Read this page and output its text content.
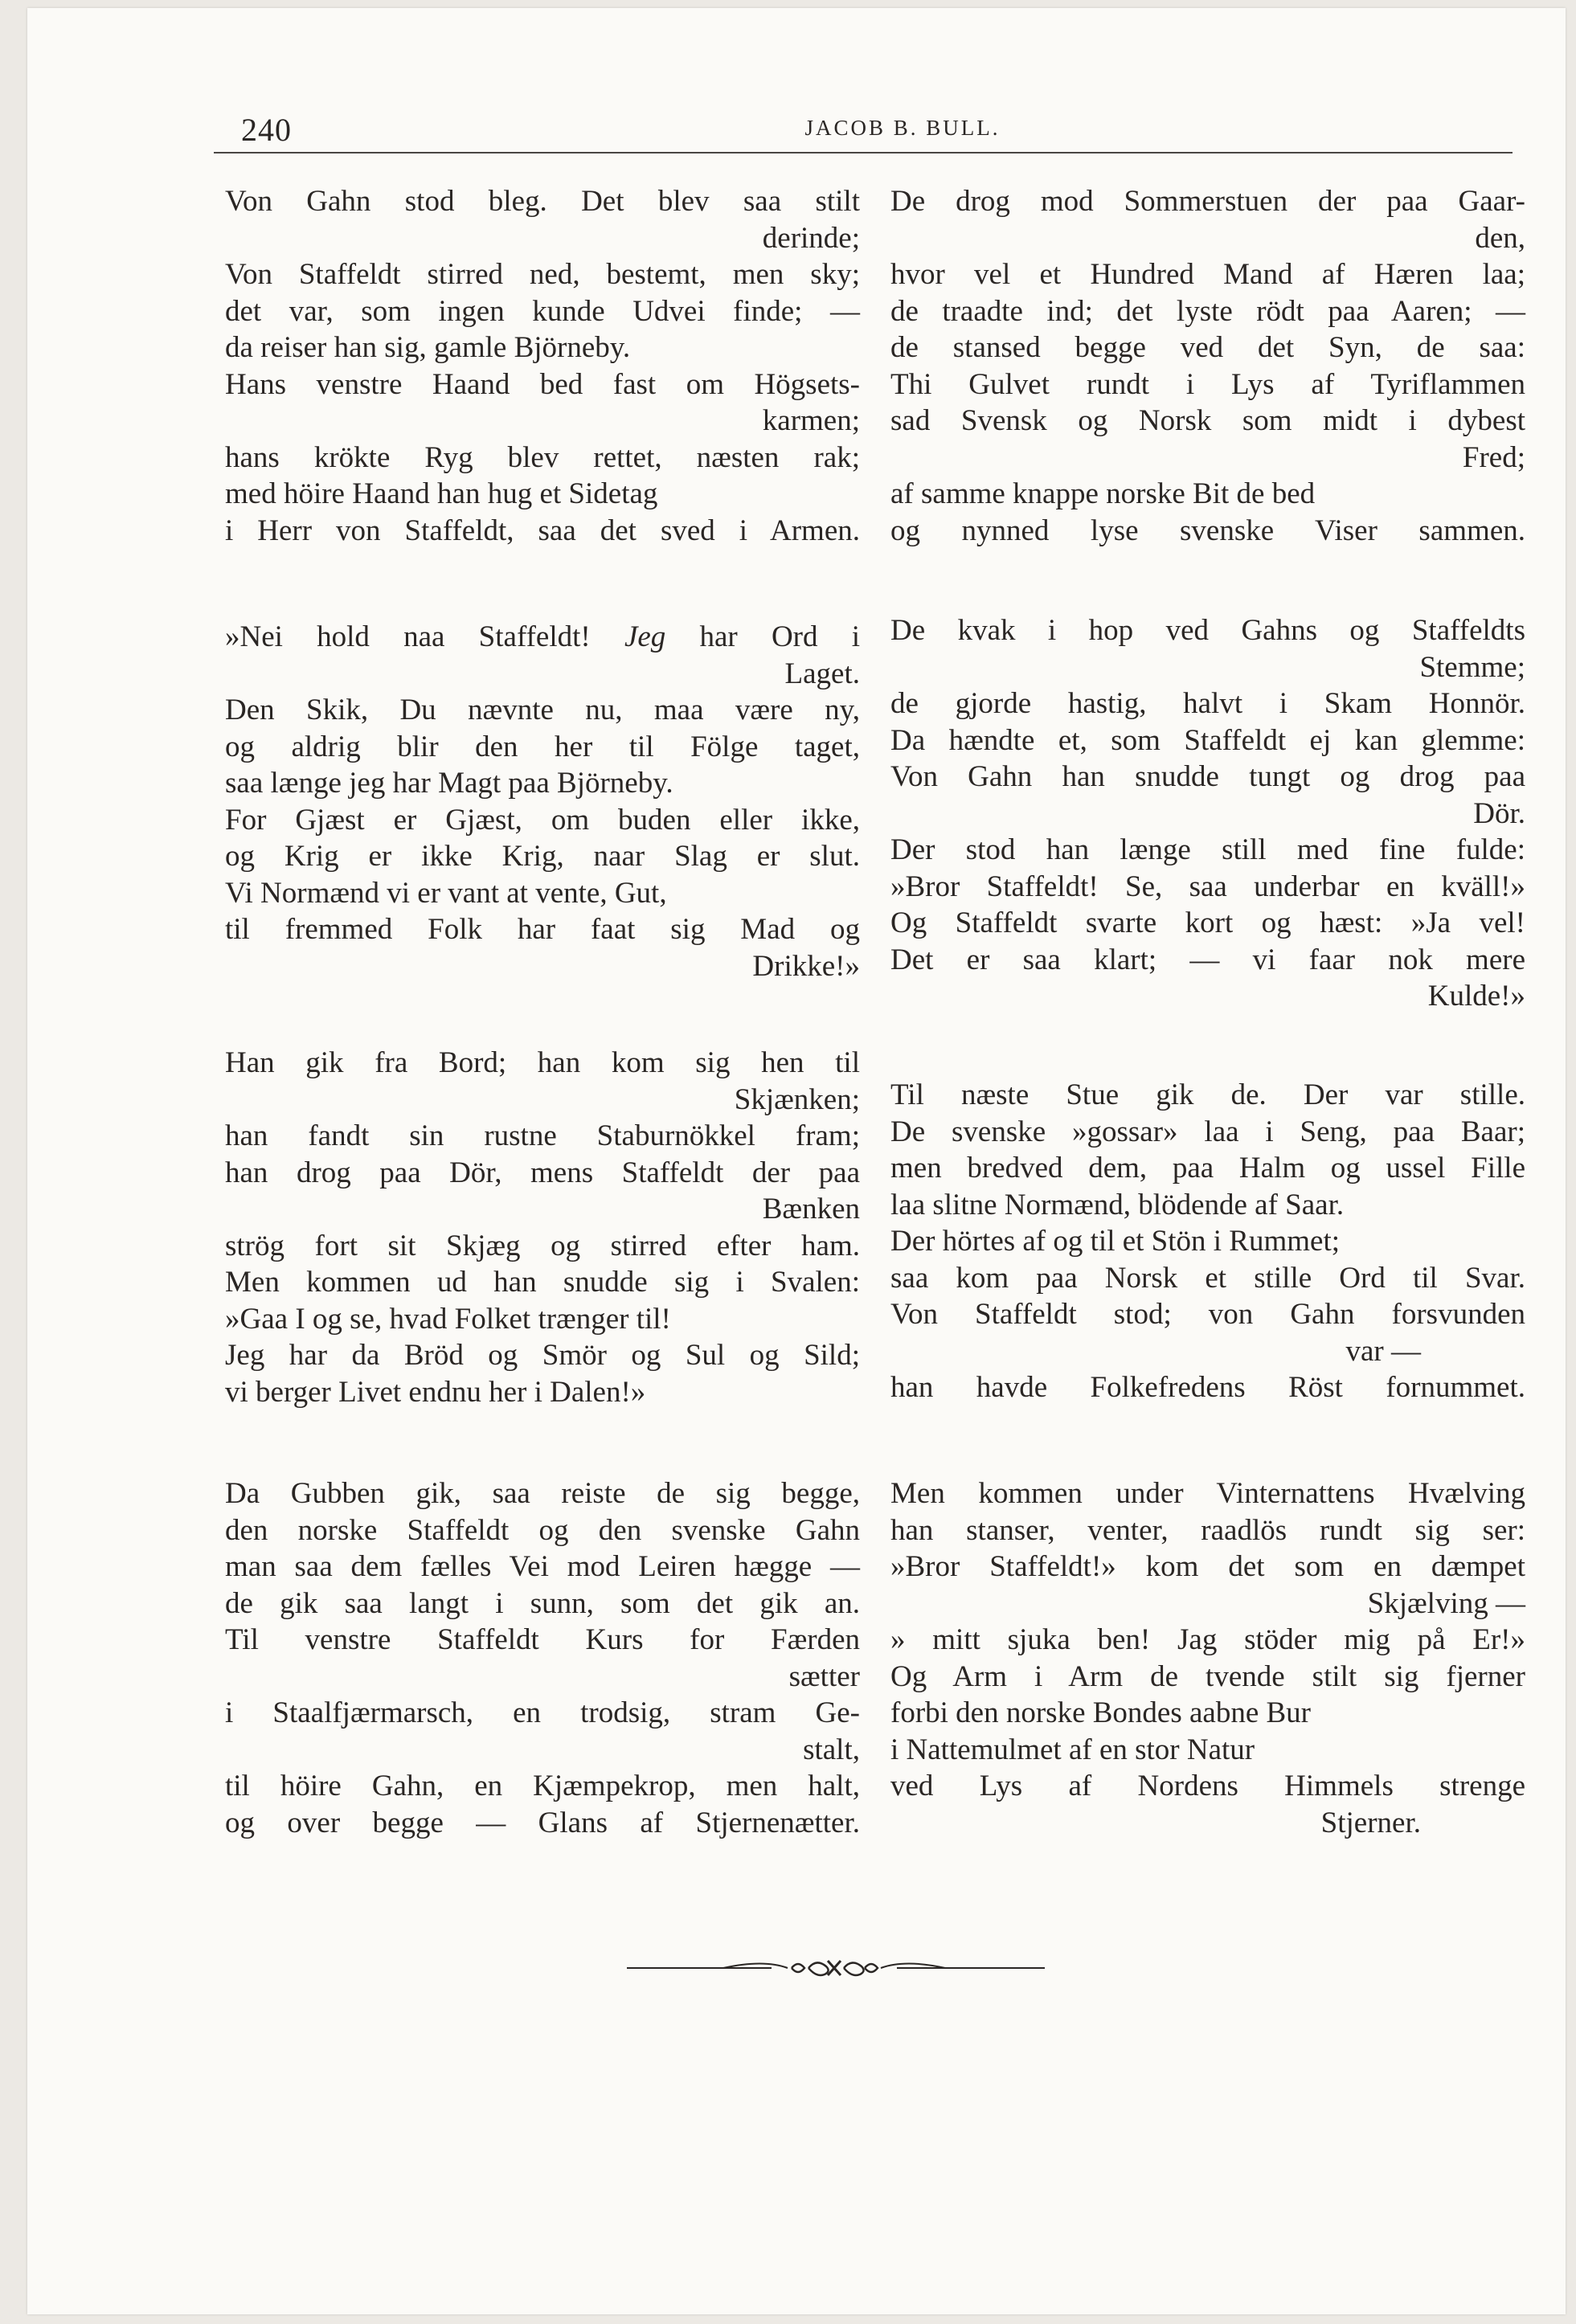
240	JACOB B. BULL.
Von Gahn stod bleg. Det blev saa stilt
derinde;
Von Staffeldt stirred ned, bestemt, men sky;
det var, som ingen kunde Udvei finde; —
da reiser han sig, gamle Björneby.
Hans venstre Haand bed fast om Högsets-
karmen;
hans krökte Ryg blev rettet, næsten rak;
med höire Haand han hug et Sidetag
i Herr von Staffeldt, saa det sved i Armen.
»Nei hold naa Staffeldt! Jeg har Ord i
Laget.
Den Skik, Du nævnte nu, maa være ny,
og aldrig blir den her til Fölge taget,
saa længe jeg har Magt paa Björneby.
For Gjæst er Gjæst, om buden eller ikke,
og Krig er ikke Krig, naar Slag er slut.
Vi Normænd vi er vant at vente, Gut,
til fremmed Folk har faat sig Mad og
Drikke!»
Han gik fra Bord; han kom sig hen til
Skjænken;
han fandt sin rustne Staburnökkel fram;
han drog paa Dör, mens Staffeldt der paa
Bænken
strög fort sit Skjæg og stirred efter ham.
Men kommen ud han snudde sig i Svalen:
»Gaa I og se, hvad Folket trænger til!
Jeg har da Bröd og Smör og Sul og Sild;
vi berger Livet endnu her i Dalen!»
Da Gubben gik, saa reiste de sig begge,
den norske Staffeldt og den svenske Gahn
man saa dem fælles Vei mod Leiren hægge —
de gik saa langt i sunn, som det gik an.
Til venstre Staffeldt Kurs for Færden
sætter
i Staalfjærmarsch, en trodsig, stram Ge-
stalt,
til höire Gahn, en Kjæmpekrop, men halt,
og over begge — Glans af Stjernenætter.
De drog mod Sommerstuen der paa Gaar-
den,
hvor vel et Hundred Mand af Hæren laa;
de traadte ind; det lyste rödt paa Aaren; —
de stansed begge ved det Syn, de saa:
Thi Gulvet rundt i Lys af Tyriflammen
sad Svensk og Norsk som midt i dybest
Fred;
af samme knappe norske Bit de bed
og nynned lyse svenske Viser sammen.
De kvak i hop ved Gahns og Staffeldts
Stemme;
de gjorde hastig, halvt i Skam Honnör.
Da hændte et, som Staffeldt ej kan glemme:
Von Gahn han snudde tungt og drog paa
Dör.
Der stod han længe still med fine fulde:
»Bror Staffeldt! Se, saa underbar en kväll!»
Og Staffeldt svarte kort og hæst: »Ja vel!
Det er saa klart; — vi faar nok mere
Kulde!»
Til næste Stue gik de. Der var stille.
De svenske »gossar» laa i Seng, paa Baar;
men bredved dem, paa Halm og ussel Fille
laa slitne Normænd, blödende af Saar.
Der hörtes af og til et Stön i Rummet;
saa kom paa Norsk et stille Ord til Svar.
Von Staffeldt stod; von Gahn forsvunden
var —
han havde Folkefredens Röst fornummet.
Men kommen under Vinternattens Hvælving
han stanser, venter, raadlös rundt sig ser:
»Bror Staffeldt!» kom det som en dæmpet
Skjælving —
» mitt sjuka ben! Jag stöder mig på Er!»
Og Arm i Arm de tvende stilt sig fjerner
forbi den norske Bondes aabne Bur
i Nattemulmet af en stor Natur
ved Lys af Nordens Himmels strenge
Stjerner.
